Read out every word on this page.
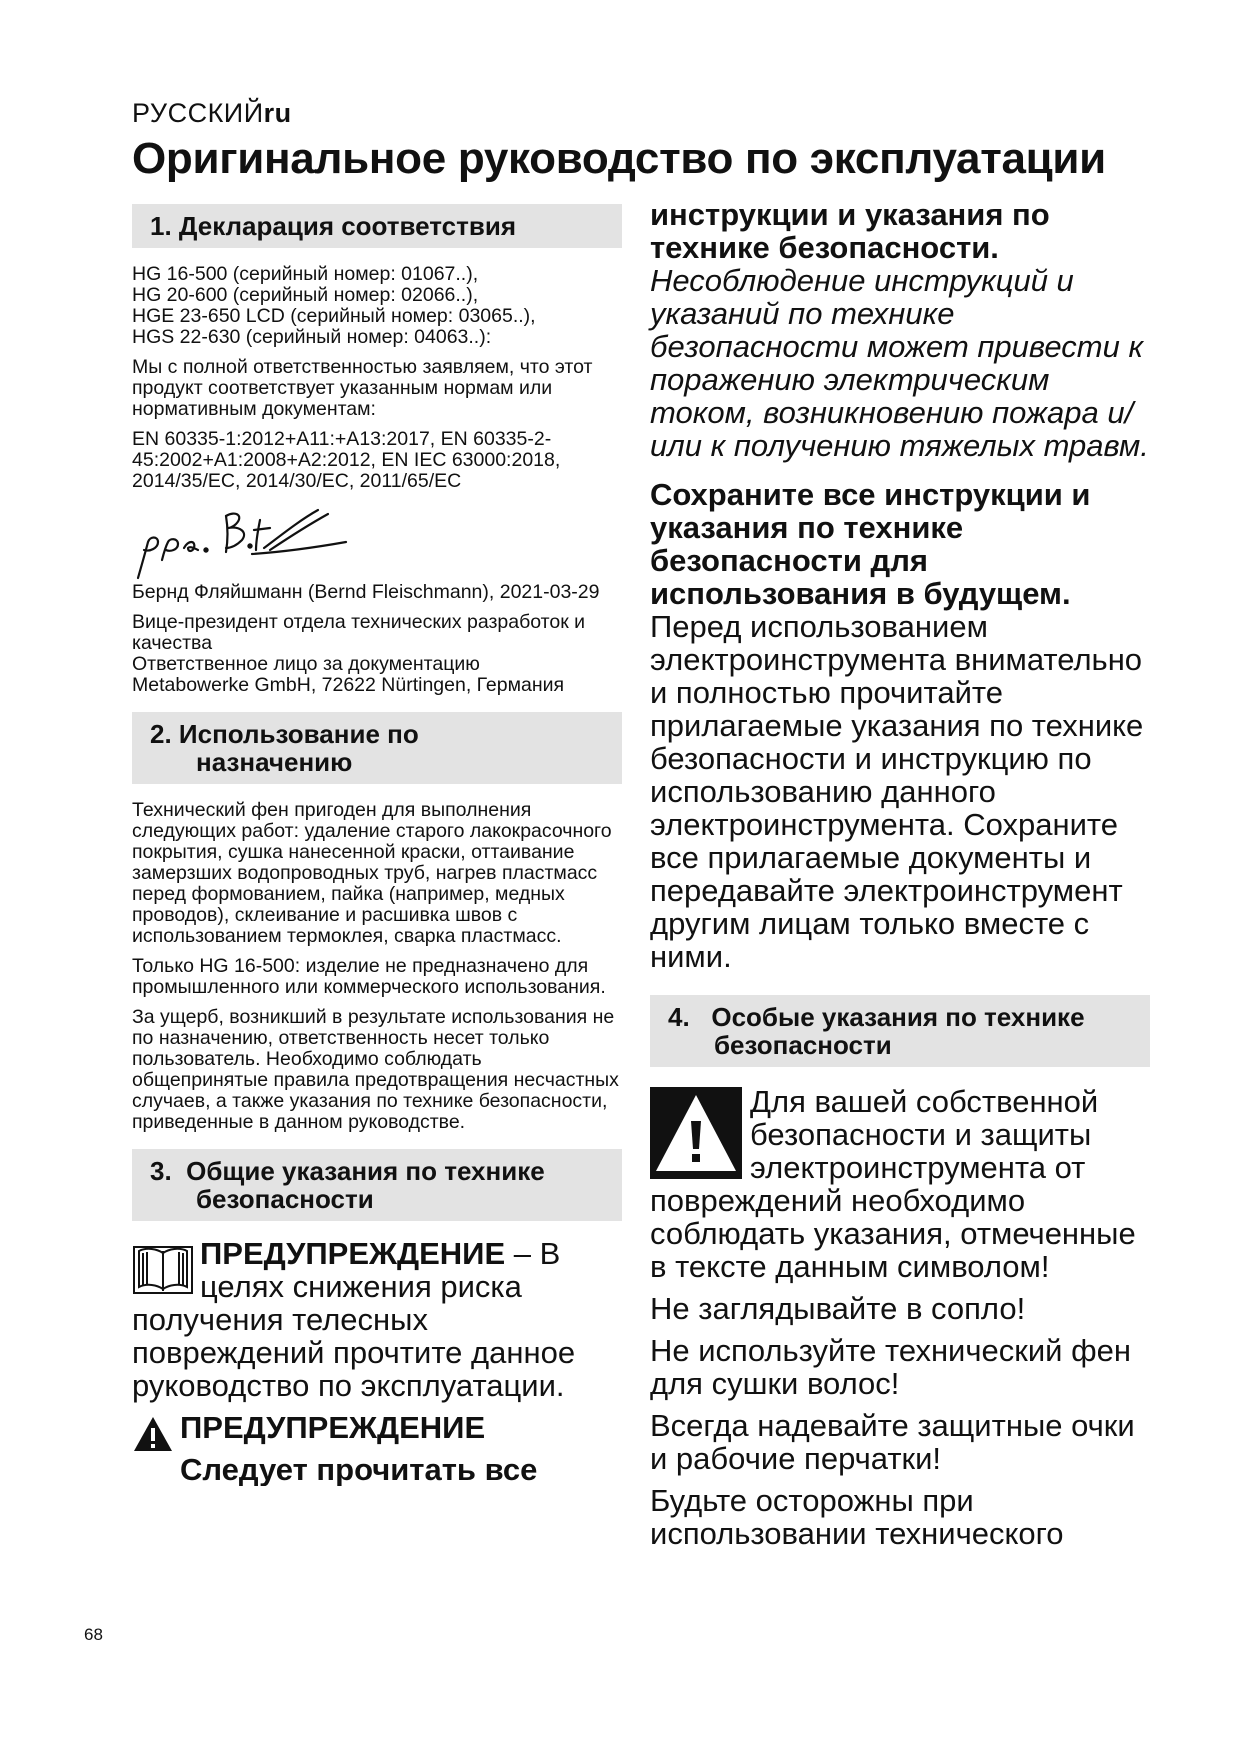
РУССКИЙru
Оригинальное руководство по эксплуатации
1. Декларация соответствия

HG 16-500 (серийный номер: 01067..),

HG 20-600 (серийный номер: 02066..),

HGE 23-650 LCD (серийный номер: 03065..),

HGS 22-630 (серийный номер: 04063..):

Мы с полной ответственностью заявляем, что этот продукт соответствует указанным нормам или нормативным документам:

EN 60335-1:2012+A11:+A13:2017, EN 60335-2-45:2002+A1:2008+A2:2012, EN IEC 63000:2018, 2014/35/EC, 2014/30/EC, 2011/65/EC

Бернд Фляйшманн (Bernd Fleischmann), 2021-03-29

Вице-президент отдела технических разработок и качества

Ответственное лицо за документацию

Metabowerke GmbH, 72622 Nürtingen, Германия

2. Использование по
назначению

Технический фен пригоден для выполнения следующих работ: удаление старого лакокрасочного покрытия, сушка нанесенной краски, оттаивание замерзших водопроводных труб, нагрев пластмасс перед формованием, пайка (например, медных проводов), склеивание и расшивка швов с использованием термоклея, сварка пластмасс.

Только HG 16-500: изделие не предназначено для промышленного или коммерческого использования.

За ущерб, возникший в результате использования не по назначению, ответственность несет только пользователь. Необходимо соблюдать общепринятые правила предотвращения несчастных случаев, а также указания по технике безопасности, приведенные в данном руководстве.

3. Общие указания по технике
безопасности

ПРЕДУПРЕЖДЕНИЕ – В целях снижения риска получения телесных повреждений прочтите данное руководство по эксплуатации.

ПРЕДУПРЕЖДЕНИЕ

Следует прочитать все

68

инструкции и указания по технике безопасности.

Несоблюдение инструкций и указаний по технике безопасности может привести к поражению электрическим током, возникновению пожара и/или к получению тяжелых травм.

Сохраните все инструкции и указания по технике безопасности для использования в будущем.

Перед использованием электроинструмента внимательно и полностью прочитайте прилагаемые указания по технике безопасности и инструкцию по использованию данного электроинструмента. Сохраните все прилагаемые документы и передавайте электроинструмент другим лицам только вместе с ними.

4. Особые указания по технике
безопасности

Для вашей собственной безопасности и защиты электроинструмента от повреждений необходимо соблюдать указания, отмеченные в тексте данным символом!

Не заглядывайте в сопло!

Не используйте технический фен для сушки волос!

Всегда надевайте защитные очки и рабочие перчатки!

Будьте осторожны при использовании технического
